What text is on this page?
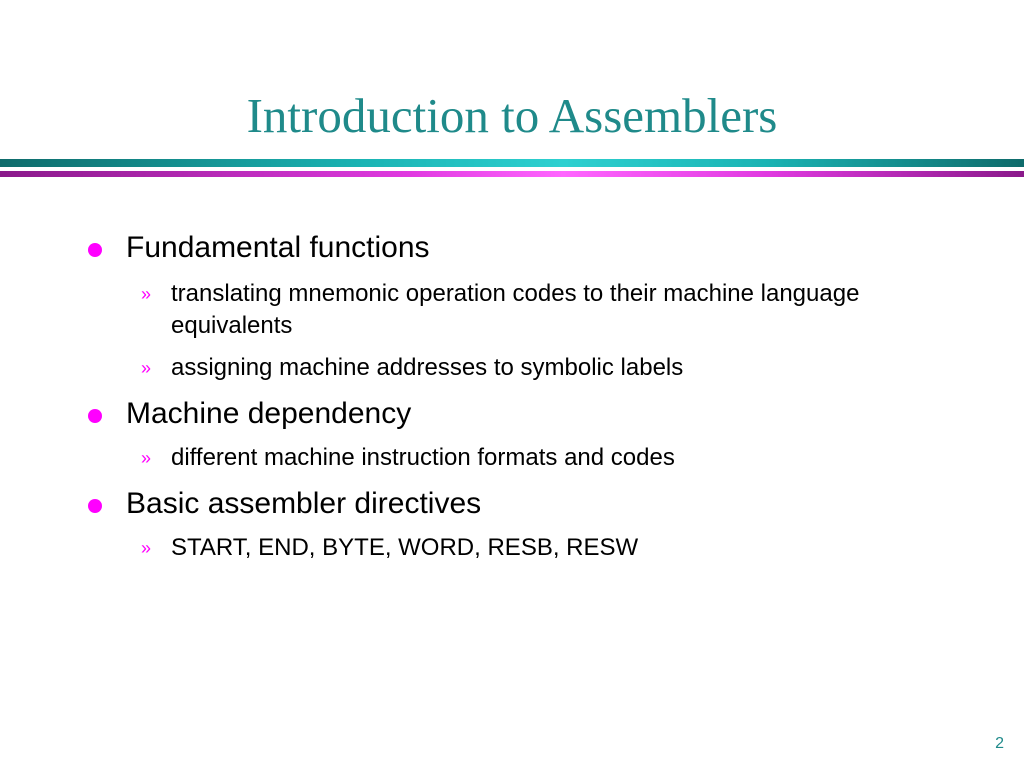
Introduction to Assemblers
Fundamental functions
» translating mnemonic operation codes to their machine language equivalents
» assigning machine addresses to symbolic labels
Machine dependency
» different machine instruction formats and codes
Basic assembler directives
» START, END, BYTE, WORD, RESB, RESW
2
